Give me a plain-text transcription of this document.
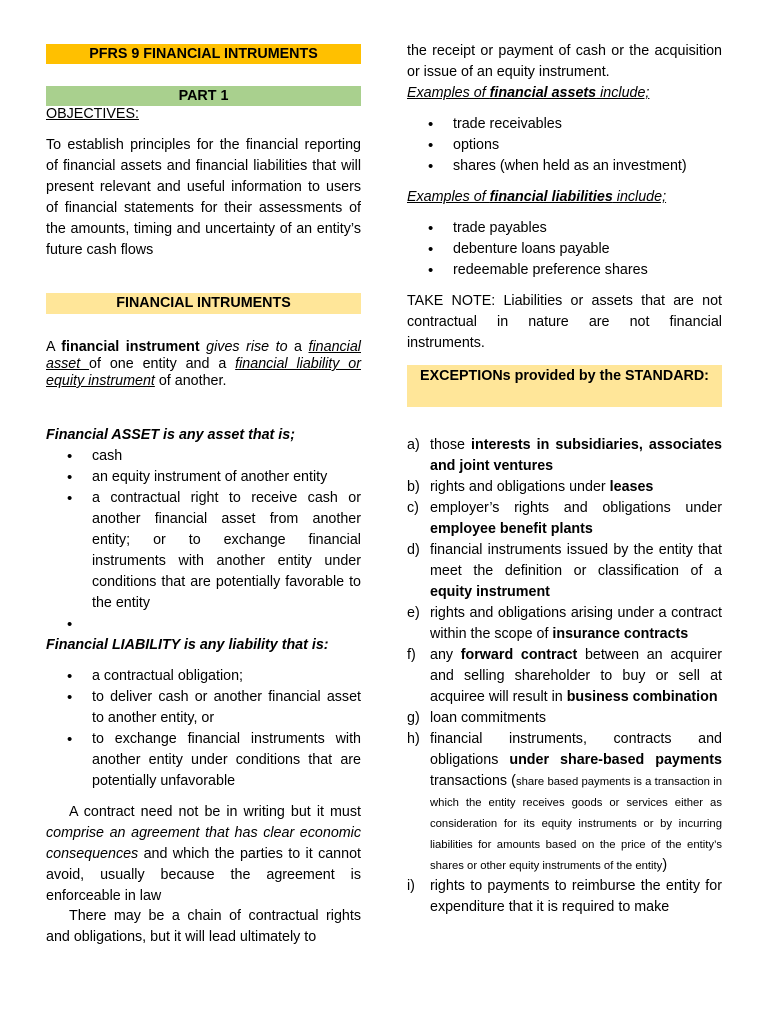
PFRS 9 FINANCIAL INTRUMENTS
PART 1
OBJECTIVES:

To establish principles for the financial reporting of financial assets and financial liabilities that will present relevant and useful information to users of financial statements for their assessments of the amounts, timing and uncertainty of an entity’s future cash flows

FINANCIAL INTRUMENTS

A financial instrument gives rise to a financial asset of one entity and a financial liability or equity instrument of another.

Financial ASSET is any asset that is;
• cash
• an equity instrument of another entity
• a contractual right to receive cash or another financial asset from another entity; or to exchange financial instruments with another entity under conditions that are potentially favorable to the entity
•
Financial LIABILITY is any liability that is:
• a contractual obligation;
• to deliver cash or another financial asset to another entity, or
• to exchange financial instruments with another entity under conditions that are potentially unfavorable

A contract need not be in writing but it must comprise an agreement that has clear economic consequences and which the parties to it cannot avoid, usually because the agreement is enforceable in law

There may be a chain of contractual rights and obligations, but it will lead ultimately to

the receipt or payment of cash or the acquisition or issue of an equity instrument.

Examples of financial assets include;
• trade receivables
• options
• shares (when held as an investment)
Examples of financial liabilities include;
• trade payables
• debenture loans payable
• redeemable preference shares

TAKE NOTE: Liabilities or assets that are not contractual in nature are not financial instruments.

EXCEPTIONs provided by the STANDARD:
a) those interests in subsidiaries, associates and joint ventures
b) rights and obligations under leases
c) employer’s rights and obligations under employee benefit plants
d) financial instruments issued by the entity that meet the definition or classification of a equity instrument
e) rights and obligations arising under a contract within the scope of insurance contracts
f) any forward contract between an acquirer and selling shareholder to buy or sell at acquiree will result in business combination
g) loan commitments
h) financial instruments, contracts and obligations under share-based payments transactions (share based payments is a transaction in which the entity receives goods or services either as consideration for its equity instruments or by incurring liabilities for amounts based on the price of the entity’s shares or other equity instruments of the entity)
i) rights to payments to reimburse the entity for expenditure that it is required to make
